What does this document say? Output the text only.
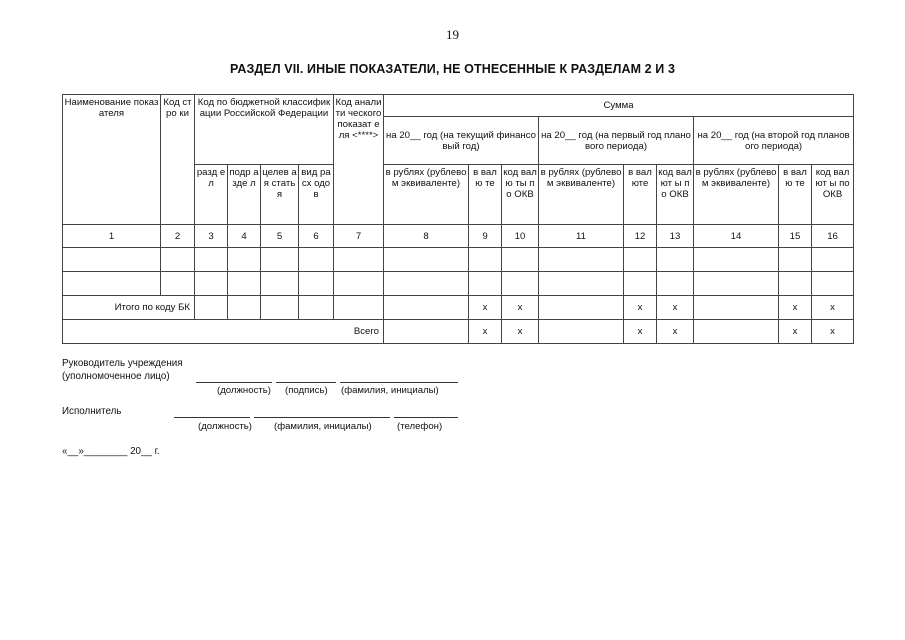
19
РАЗДЕЛ VII. ИНЫЕ ПОКАЗАТЕЛИ, НЕ ОТНЕСЕННЫЕ К РАЗДЕЛАМ 2 И 3
Наименование показателя	Код стро ки	Код по бюджетной классификации Российской Федерации				Код аналити ческого показат еля <****>	Сумма								
							на 20__ год (на текущий финансовый год)			на 20__ год (на первый год планового периода)			на 20__ год (на второй год планового периода)		
		разд ел	подр азде л	целев ая статья	вид расх одов		в рублях (рублевом эквиваленте)	в валю те	код валю ты по ОКВ	в рублях (рублевом эквиваленте)	в вал юте	код валют ы по ОКВ	в рублях (рублевом эквиваленте)	в валю те	код валют ы по ОКВ
1	2	3	4	5	6	7	8	9	10	11	12	13	14	15	16

Итого по коду БК								x	x		x	x		x	x
Всего								x	x		x	x		x	x
Руководитель учреждения
(уполномоченное лицо)
(должность) (подпись) (фамилия, инициалы)
Исполнитель
(должность) (фамилия, инициалы)	(телефон)
«__»________ 20__ г.
